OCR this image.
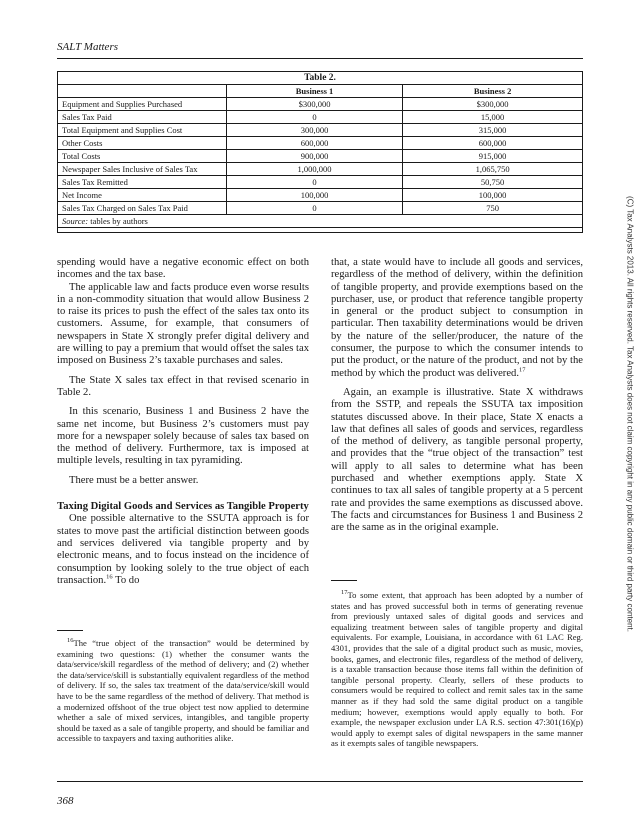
SALT Matters
(C) Tax Analysts 2013. All rights reserved. Tax Analysts does not claim copyright in any public domain or third party content.
Table 2.		
	Business 1	Business 2
Equipment and Supplies Purchased	$300,000	$300,000
Sales Tax Paid	0	15,000
Total Equipment and Supplies Cost	300,000	315,000
Other Costs	600,000	600,000
Total Costs	900,000	915,000
Newspaper Sales Inclusive of Sales Tax	1,000,000	1,065,750
Sales Tax Remitted	0	50,750
Net Income	100,000	100,000
Sales Tax Charged on Sales Tax Paid	0	750
Source: tables by authors		

spending would have a negative economic effect on both incomes and the tax base.

The applicable law and facts produce even worse results in a non-commodity situation that would allow Business 2 to raise its prices to push the effect of the sales tax onto its customers. Assume, for example, that consumers of newspapers in State X strongly prefer digital delivery and are willing to pay a premium that would offset the sales tax imposed on Business 2’s taxable purchases and sales.

The State X sales tax effect in that revised scenario in Table 2.

In this scenario, Business 1 and Business 2 have the same net income, but Business 2’s customers must pay more for a newspaper solely because of sales tax based on the method of delivery. Furthermore, tax is imposed at multiple levels, resulting in tax pyramiding.

There must be a better answer.

Taxing Digital Goods and Services as Tangible Property

One possible alternative to the SSUTA approach is for states to move past the artificial distinction between goods and services delivered via tangible property and by electronic means, and to focus instead on the incidence of consumption by looking solely to the true object of each transaction.$^{16}$ To do

that, a state would have to include all goods and services, regardless of the method of delivery, within the definition of tangible property, and provide exemptions based on the purchaser, use, or product that reference tangible property in general or the product subject to consumption in particular. Then taxability determinations would be driven by the nature of the seller/producer, the nature of the consumer, the purpose to which the consumer intends to put the product, or the nature of the product, and not by the method by which the product was delivered.$^{17}$

Again, an example is illustrative. State X withdraws from the SSTP, and repeals the SSUTA tax imposition statutes discussed above. In their place, State X enacts a law that defines all sales of goods and services, regardless of the method of delivery, as tangible personal property, and provides that the “true object of the transaction” test will apply to all sales to determine what has been purchased and whether exemptions apply. State X continues to tax all sales of tangible property at a 5 percent rate and provides the same exemptions as discussed above. The facts and circumstances for Business 1 and Business 2 are the same as in the original example.

$^{16}$The “true object of the transaction” would be determined by examining two questions: (1) whether the consumer wants the data/service/skill regardless of the method of delivery; and (2) whether the data/service/skill is substantially equivalent regardless of the method of delivery. If so, the sales tax treatment of the data/service/skill would have to be the same regardless of the method of delivery. That method is a modernized offshoot of the true object test now applied to determine whether a sale of mixed services, intangibles, and tangible property should be taxed as a sale of tangible property, and should be familiar and accessible to taxpayers and taxing authorities alike.

$^{17}$To some extent, that approach has been adopted by a number of states and has proved successful both in terms of generating revenue from previously untaxed sales of digital goods and services and equalizing treatment between sales of tangible property and digital equivalents. For example, Louisiana, in accordance with 61 LAC Reg. 4301, provides that the sale of a digital product such as music, movies, books, games, and electronic files, regardless of the method of delivery, is a taxable transaction because those items fall within the definition of tangible personal property. Clearly, sellers of these products to consumers would be required to collect and remit sales tax in the same manner as if they had sold the same digital product on a tangible medium; however, exemptions would apply equally to both. For example, the newspaper exclusion under LA R.S. section 47:301(16)(p) would apply to exempt sales of digital newspapers in the same manner as it exempts sales of tangible newspapers.

368
